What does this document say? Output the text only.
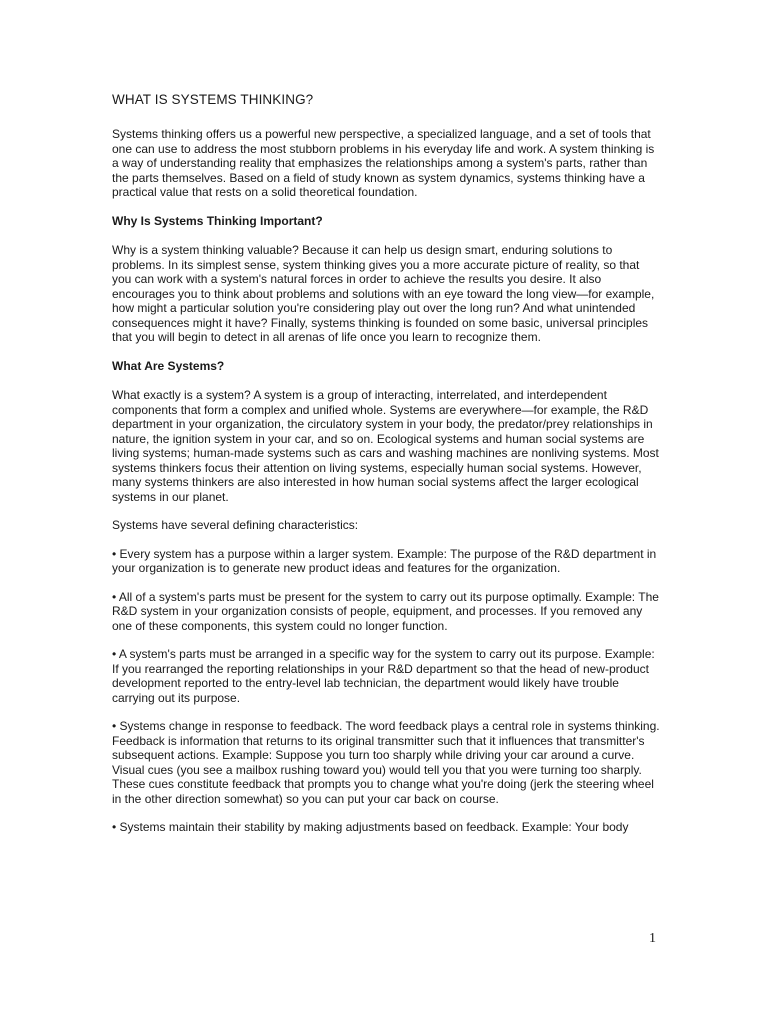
WHAT IS SYSTEMS THINKING?

Systems thinking offers us a powerful new perspective, a specialized language, and a set of tools that one can use to address the most stubborn problems in his everyday life and work. A system thinking is a way of understanding reality that emphasizes the relationships among a system's parts, rather than the parts themselves. Based on a field of study known as system dynamics, systems thinking have a practical value that rests on a solid theoretical foundation.

Why Is Systems Thinking Important?

Why is a system thinking valuable? Because it can help us design smart, enduring solutions to problems. In its simplest sense, system thinking gives you a more accurate picture of reality, so that you can work with a system's natural forces in order to achieve the results you desire. It also encourages you to think about problems and solutions with an eye toward the long view—for example, how might a particular solution you're considering play out over the long run? And what unintended consequences might it have? Finally, systems thinking is founded on some basic, universal principles that you will begin to detect in all arenas of life once you learn to recognize them.

What Are Systems?

What exactly is a system? A system is a group of interacting, interrelated, and interdependent components that form a complex and unified whole. Systems are everywhere—for example, the R&D department in your organization, the circulatory system in your body, the predator/prey relationships in nature, the ignition system in your car, and so on. Ecological systems and human social systems are living systems; human-made systems such as cars and washing machines are nonliving systems. Most systems thinkers focus their attention on living systems, especially human social systems. However, many systems thinkers are also interested in how human social systems affect the larger ecological systems in our planet.

Systems have several defining characteristics:

• Every system has a purpose within a larger system. Example: The purpose of the R&D department in your organization is to generate new product ideas and features for the organization.

• All of a system's parts must be present for the system to carry out its purpose optimally. Example: The R&D system in your organization consists of people, equipment, and processes. If you removed any one of these components, this system could no longer function.

• A system's parts must be arranged in a specific way for the system to carry out its purpose. Example: If you rearranged the reporting relationships in your R&D department so that the head of new-product development reported to the entry-level lab technician, the department would likely have trouble carrying out its purpose.

• Systems change in response to feedback. The word feedback plays a central role in systems thinking. Feedback is information that returns to its original transmitter such that it influences that transmitter's subsequent actions. Example: Suppose you turn too sharply while driving your car around a curve. Visual cues (you see a mailbox rushing toward you) would tell you that you were turning too sharply. These cues constitute feedback that prompts you to change what you're doing (jerk the steering wheel in the other direction somewhat) so you can put your car back on course.

• Systems maintain their stability by making adjustments based on feedback. Example: Your body

1
